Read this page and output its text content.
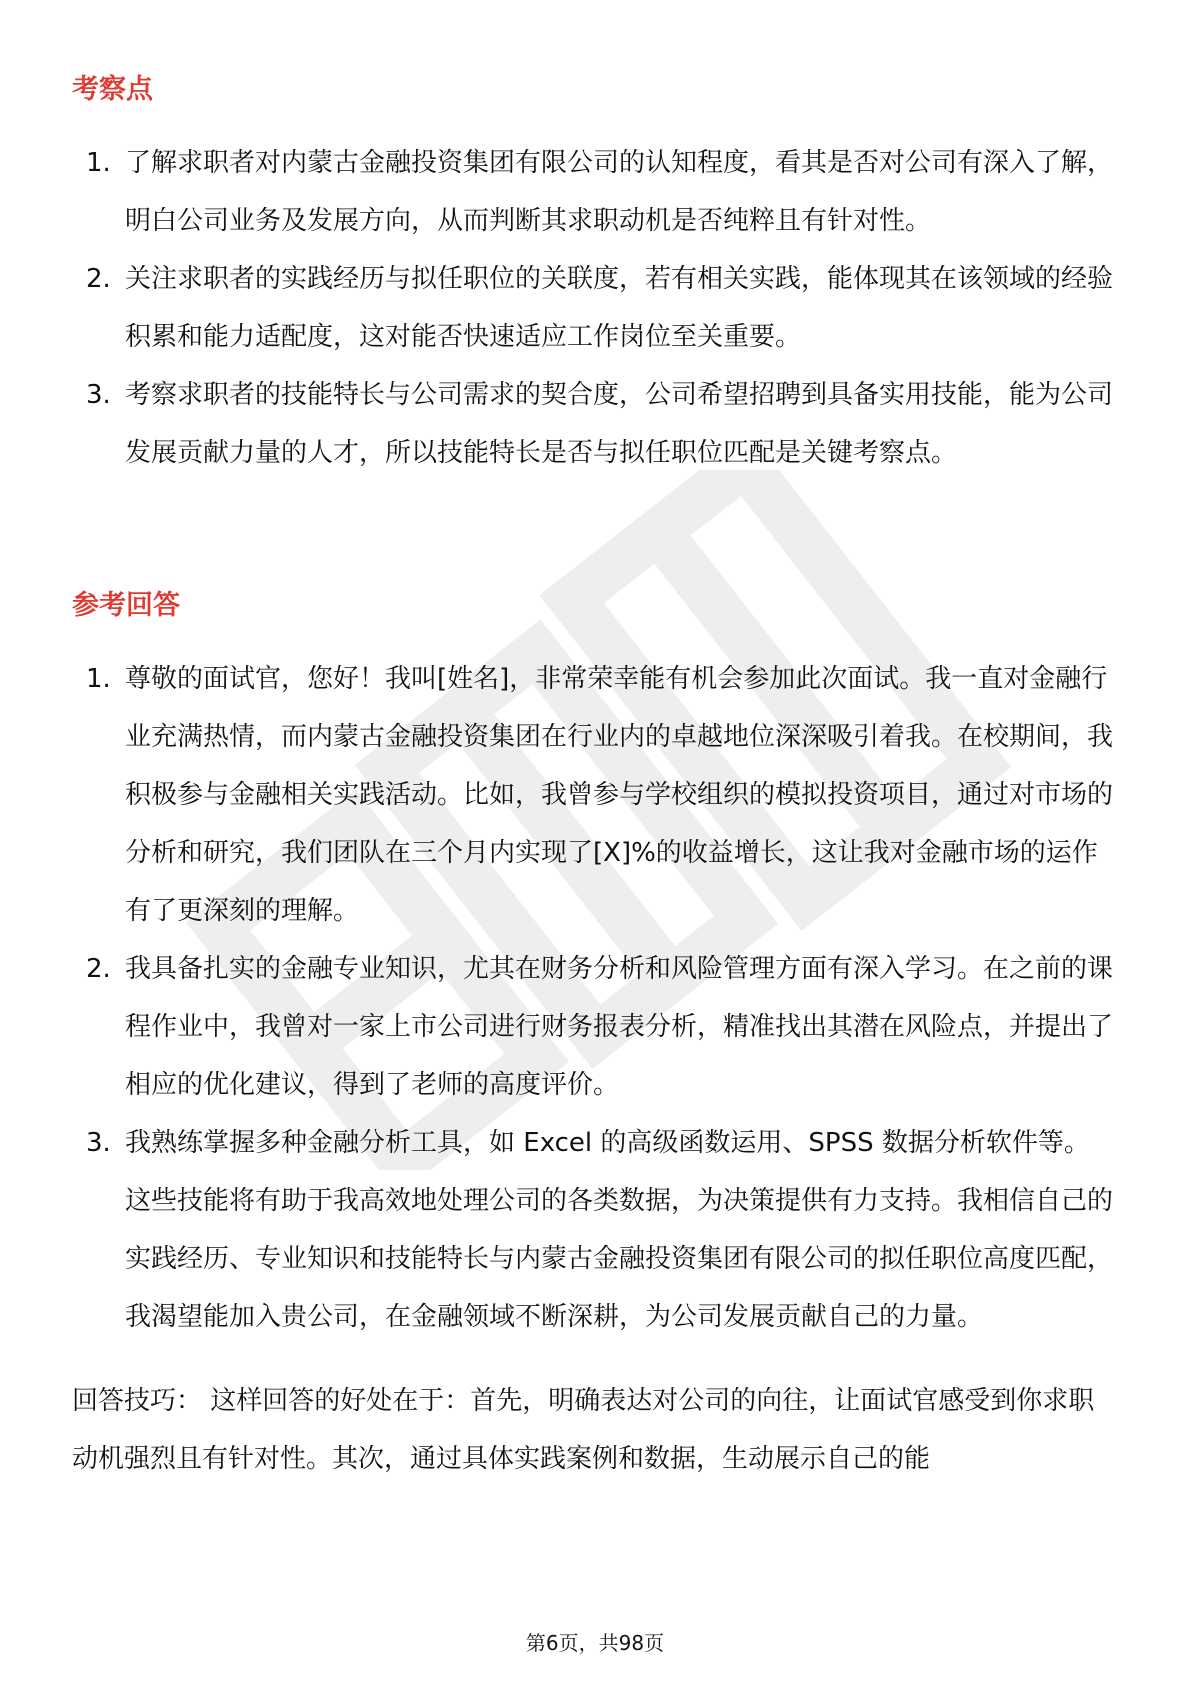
考察点
1. 了解求职者对内蒙古金融投资集团有限公司的认知程度，看其是否对公司有深入了解，明白公司业务及发展方向，从而判断其求职动机是否纯粹且有针对性。

2. 关注求职者的实践经历与拟任职位的关联度，若有相关实践，能体现其在该领域的经验积累和能力适配度，这对能否快速适应工作岗位至关重要。

3. 考察求职者的技能特长与公司需求的契合度，公司希望招聘到具备实用技能，能为公司发展贡献力量的人才，所以技能特长是否与拟任职位匹配是关键考察点。

参考回答
1. 尊敬的面试官，您好！我叫[姓名]，非常荣幸能有机会参加此次面试。我一直对金融行业充满热情，而内蒙古金融投资集团在行业内的卓越地位深深吸引着我。在校期间，我积极参与金融相关实践活动。比如，我曾参与学校组织的模拟投资项目，通过对市场的分析和研究，我们团队在三个月内实现了[X]%的收益增长，这让我对金融市场的运作有了更深刻的理解。

2. 我具备扎实的金融专业知识，尤其在财务分析和风险管理方面有深入学习。在之前的课程作业中，我曾对一家上市公司进行财务报表分析，精准找出其潜在风险点，并提出了相应的优化建议，得到了老师的高度评价。

3. 我熟练掌握多种金融分析工具，如 Excel 的高级函数运用、SPSS 数据分析软件等。这些技能将有助于我高效地处理公司的各类数据，为决策提供有力支持。我相信自己的实践经历、专业知识和技能特长与内蒙古金融投资集团有限公司的拟任职位高度匹配，我渴望能加入贵公司，在金融领域不断深耕，为公司发展贡献自己的力量。

回答技巧： 这样回答的好处在于：首先，明确表达对公司的向往，让面试官感受到你求职动机强烈且有针对性。其次，通过具体实践案例和数据，生动展示自己的能

第6页，共98页
